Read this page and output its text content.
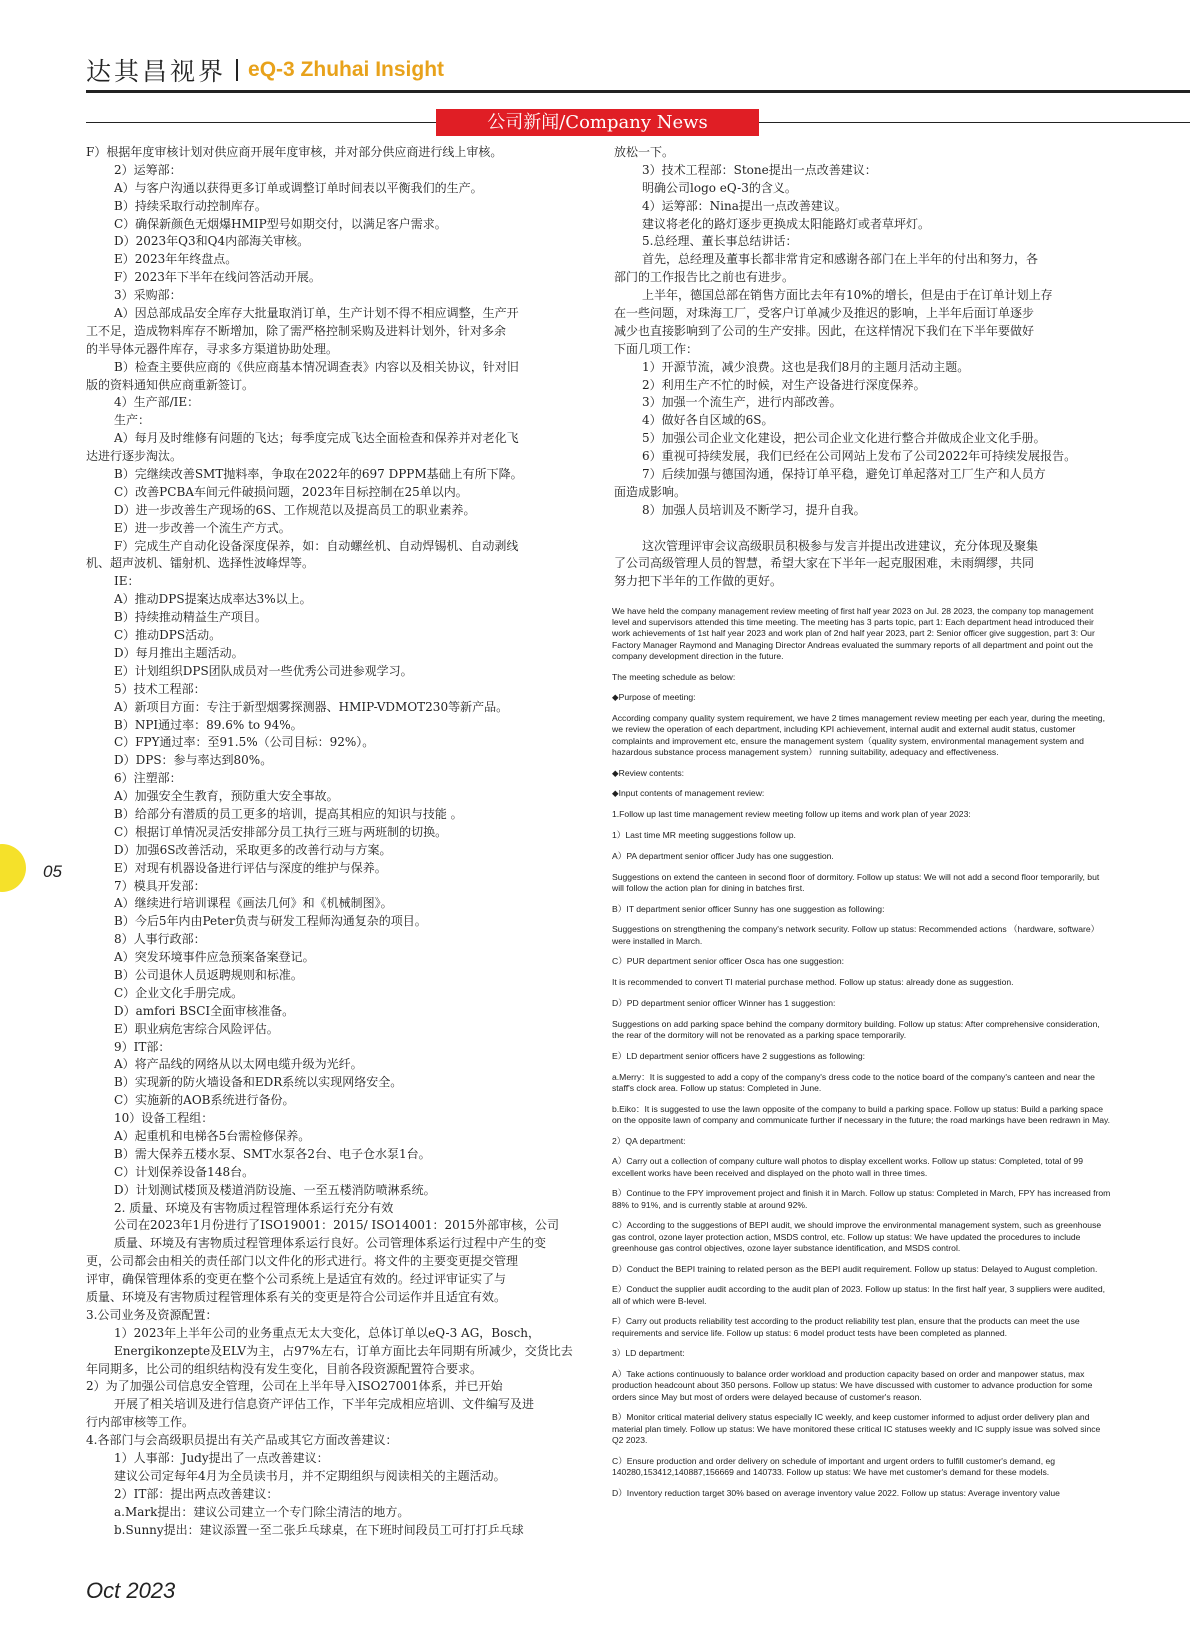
达其昌视界 eQ-3 Zhuhai Insight
公司新闻/Company News
F）根据年度审核计划对供应商开展年度审核，并对部分供应商进行线上审核。
2）运筹部：
A）与客户沟通以获得更多订单或调整订单时间表以平衡我们的生产。
B）持续采取行动控制库存。
C）确保新颜色无烟爆HMIP型号如期交付，以满足客户需求。
D）2023年Q3和Q4内部海关审核。
E）2023年年终盘点。
F）2023年下半年在线问答活动开展。
3）采购部：
A）因总部成品安全库存大批量取消订单，生产计划不得不相应调整，生产开
工不足，造成物料库存不断增加，除了需严格控制采购及进料计划外，针对多余
的半导体元器件库存，寻求多方渠道协助处理。
B）检查主要供应商的《供应商基本情况调查表》内容以及相关协议，针对旧
版的资料通知供应商重新签订。
4）生产部/IE：
生产：
A）每月及时维修有问题的飞达；每季度完成飞达全面检查和保养并对老化飞
达进行逐步淘汰。
B）完继续改善SMT抛料率，争取在2022年的697 DPPM基础上有所下降。
C）改善PCBA车间元件破损问题，2023年目标控制在25单以内。
D）进一步改善生产现场的6S、工作规范以及提高员工的职业素养。
E）进一步改善一个流生产方式。
F）完成生产自动化设备深度保养，如：自动螺丝机、自动焊锡机、自动剥线
机、超声波机、镭射机、选择性波峰焊等。
IE：
A）推动DPS提案达成率达3%以上。
B）持续推动精益生产项目。
C）推动DPS活动。
D）每月推出主题活动。
E）计划组织DPS团队成员对一些优秀公司进参观学习。
5）技术工程部：
A）新项目方面：专注于新型烟雾探测器、HMIP-VDMOT230等新产品。
B）NPI通过率：89.6% to 94%。
C）FPY通过率：至91.5%（公司目标：92%）。
D）DPS：参与率达到80%。
6）注塑部：
A）加强安全生教育，预防重大安全事故。
B）给部分有潜质的员工更多的培训，提高其相应的知识与技能 。
C）根据订单情况灵活安排部分员工执行三班与两班制的切换。
D）加强6S改善活动，采取更多的改善行动与方案。
E）对现有机器设备进行评估与深度的维护与保养。
7）模具开发部：
A）继续进行培训课程《画法几何》和《机械制图》。
B）今后5年内由Peter负责与研发工程师沟通复杂的项目。
8）人事行政部：
A）突发环境事件应急预案备案登记。
B）公司退休人员返聘规则和标准。
C）企业文化手册完成。
D）amfori BSCI全面审核准备。
E）职业病危害综合风险评估。
9）IT部：
A）将产品线的网络从以太网电缆升级为光纤。
B）实现新的防火墙设备和EDR系统以实现网络安全。
C）实施新的AOB系统进行备份。
10）设备工程组：
A）起重机和电梯各5台需检修保养。
B）需大保养五楼水泵、SMT水泵各2台、电子仓水泵1台。
C）计划保养设备148台。
D）计划测试楼顶及楼道消防设施、一至五楼消防喷淋系统。
2. 质量、环境及有害物质过程管理体系运行充分有效
公司在2023年1月份进行了ISO19001：2015/ ISO14001：2015外部审核，公司
质量、环境及有害物质过程管理体系运行良好。公司管理体系运行过程中产生的变
更，公司都会由相关的责任部门以文件化的形式进行。将文件的主要变更提交管理
评审，确保管理体系的变更在整个公司系统上是适宜有效的。经过评审证实了与
质量、环境及有害物质过程管理体系有关的变更是符合公司运作并且适宜有效。
3.公司业务及资源配置：
1）2023年上半年公司的业务重点无太大变化，总体订单以eQ-3 AG，Bosch，
Energikonzepte及ELV为主，占97%左右，订单方面比去年同期有所减少，交货比去
年同期多，比公司的组织结构没有发生变化，目前各段资源配置符合要求。
2）为了加强公司信息安全管理，公司在上半年导入ISO27001体系，并已开始
开展了相关培训及进行信息资产评估工作，下半年完成相应培训、文件编写及进
行内部审核等工作。
4.各部门与会高级职员提出有关产品或其它方面改善建议：
1）人事部：Judy提出了一点改善建议：
建议公司定每年4月为全员读书月，并不定期组织与阅读相关的主题活动。
2）IT部：提出两点改善建议：
a.Mark提出：建议公司建立一个专门除尘清洁的地方。
b.Sunny提出：建议添置一至二张乒乓球桌，在下班时间段员工可打打乒乓球
放松一下。
3）技术工程部：Stone提出一点改善建议：
明确公司logo eQ-3的含义。
4）运筹部：Nina提出一点改善建议。
建议将老化的路灯逐步更换成太阳能路灯或者草坪灯。
5.总经理、董长事总结讲话：
首先，总经理及董事长都非常肯定和感谢各部门在上半年的付出和努力，各
部门的工作报告比之前也有进步。
上半年，德国总部在销售方面比去年有10%的增长，但是由于在订单计划上存
在一些问题，对珠海工厂，受客户订单减少及推迟的影响，上半年后面订单逐步
减少也直接影响到了公司的生产安排。因此，在这样情况下我们在下半年要做好
下面几项工作：
1）开源节流，减少浪费。这也是我们8月的主题月活动主题。
2）利用生产不忙的时候，对生产设备进行深度保养。
3）加强一个流生产，进行内部改善。
4）做好各自区域的6S。
5）加强公司企业文化建设，把公司企业文化进行整合并做成企业文化手册。
6）重视可持续发展，我们已经在公司网站上发布了公司2022年可持续发展报告。
7）后续加强与德国沟通，保持订单平稳，避免订单起落对工厂生产和人员方
面造成影响。
8）加强人员培训及不断学习，提升自我。
这次管理评审会议高级职员积极参与发言并提出改进建议，充分体现及聚集
了公司高级管理人员的智慧，希望大家在下半年一起克服困难，未雨绸缪，共同
努力把下半年的工作做的更好。

We have held the company management review meeting of first half year 2023 on Jul. 28 2023, the company top management level and supervisors attended this time meeting. The meeting has 3 parts topic, part 1: Each department head introduced their work achievements of 1st half year 2023 and work plan of 2nd half year 2023, part 2: Senior officer give suggestion, part 3: Our Factory Manager Raymond and Managing Director Andreas evaluated the summary reports of all department and point out the company development direction in the future.

The meeting schedule as below:

◆Purpose of meeting:

According company quality system requirement, we have 2 times management review meeting per each year, during the meeting, we review the operation of each department, including KPI achievement, internal audit and external audit status, customer complaints and improvement etc, ensure the management system（quality system, environmental management system and hazardous substance process management system） running suitability, adequacy and effectiveness.

◆Review contents:

◆Input contents of management review:

1.Follow up last time management review meeting follow up items and work plan of year 2023:

1）Last time MR meeting suggestions follow up.

A）PA department senior officer Judy has one suggestion.

Suggestions on extend the canteen in second floor of dormitory. Follow up status: We will not add a second floor temporarily, but will follow the action plan for dining in batches first.

B）IT department senior officer Sunny has one suggestion as following:

Suggestions on strengthening the company's network security. Follow up status: Recommended actions （hardware, software） were installed in March.

C）PUR department senior officer Osca has one suggestion:

It is recommended to convert TI material purchase method. Follow up status: already done as suggestion.

D）PD department senior officer Winner has 1 suggestion:

Suggestions on add parking space behind the company dormitory building. Follow up status: After comprehensive consideration, the rear of the dormitory will not be renovated as a parking space temporarily.

E）LD department senior officers have 2 suggestions as following:

a.Merry：It is suggested to add a copy of the company's dress code to the notice board of the company's canteen and near the staff's clock area. Follow up status: Completed in June.

b.Eiko：It is suggested to use the lawn opposite of the company to build a parking space. Follow up status: Build a parking space on the opposite lawn of company and communicate further if necessary in the future; the road markings have been redrawn in May.

2）QA department:

A）Carry out a collection of company culture wall photos to display excellent works. Follow up status: Completed, total of 99 excellent works have been received and displayed on the photo wall in three times.

B）Continue to the FPY improvement project and finish it in March. Follow up status: Completed in March, FPY has increased from 88% to 91%, and is currently stable at around 92%.

C）According to the suggestions of BEPI audit, we should improve the environmental management system, such as greenhouse gas control, ozone layer protection action, MSDS control, etc. Follow up status: We have updated the procedures to include greenhouse gas control objectives, ozone layer substance identification, and MSDS control.

D）Conduct the BEPI training to related person as the BEPI audit requirement. Follow up status: Delayed to August completion.

E）Conduct the supplier audit according to the audit plan of 2023. Follow up status: In the first half year, 3 suppliers were audited, all of which were B-level.

F）Carry out products reliability test according to the product reliability test plan, ensure that the products can meet the use requirements and service life. Follow up status: 6 model product tests have been completed as planned.

3）LD department:

A）Take actions continuously to balance order workload and production capacity based on order and manpower status, max production headcount about 350 persons. Follow up status: We have discussed with customer to advance production for some orders since May but most of orders were delayed because of customer's reason.

B）Monitor critical material delivery status especially IC weekly, and keep customer informed to adjust order delivery plan and material plan timely. Follow up status: We have monitored these critical IC statuses weekly and IC supply issue was solved since Q2 2023.

C）Ensure production and order delivery on schedule of important and urgent orders to fulfill customer's demand, eg 140280,153412,140887,156669 and 140733. Follow up status: We have met customer's demand for these models.

D）Inventory reduction target 30% based on average inventory value 2022. Follow up status: Average inventory value

05
Oct 2023
